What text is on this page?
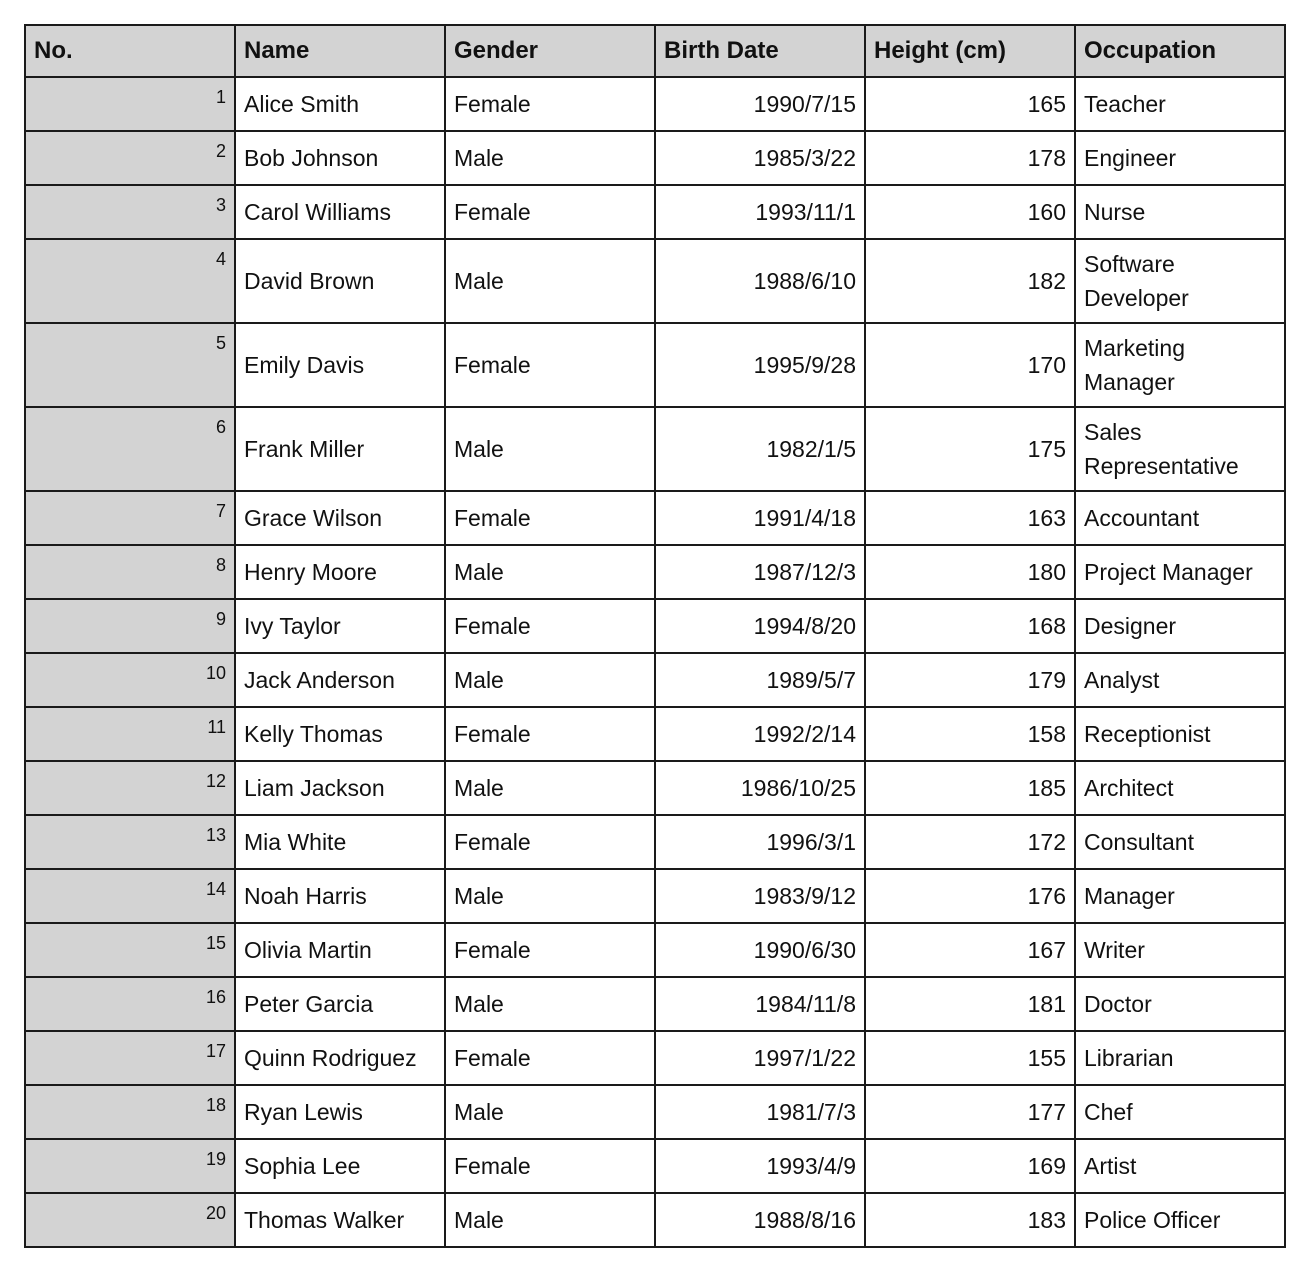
No.	Name	Gender	Birth Date	Height (cm)	Occupation
1	Alice Smith	Female	1990/7/15	165	Teacher
2	Bob Johnson	Male	1985/3/22	178	Engineer
3	Carol Williams	Female	1993/11/1	160	Nurse
4	David Brown	Male	1988/6/10	182	Software Developer
5	Emily Davis	Female	1995/9/28	170	Marketing Manager
6	Frank Miller	Male	1982/1/5	175	Sales Representative
7	Grace Wilson	Female	1991/4/18	163	Accountant
8	Henry Moore	Male	1987/12/3	180	Project Manager
9	Ivy Taylor	Female	1994/8/20	168	Designer
10	Jack Anderson	Male	1989/5/7	179	Analyst
11	Kelly Thomas	Female	1992/2/14	158	Receptionist
12	Liam Jackson	Male	1986/10/25	185	Architect
13	Mia White	Female	1996/3/1	172	Consultant
14	Noah Harris	Male	1983/9/12	176	Manager
15	Olivia Martin	Female	1990/6/30	167	Writer
16	Peter Garcia	Male	1984/11/8	181	Doctor
17	Quinn Rodriguez	Female	1997/1/22	155	Librarian
18	Ryan Lewis	Male	1981/7/3	177	Chef
19	Sophia Lee	Female	1993/4/9	169	Artist
20	Thomas Walker	Male	1988/8/16	183	Police Officer
